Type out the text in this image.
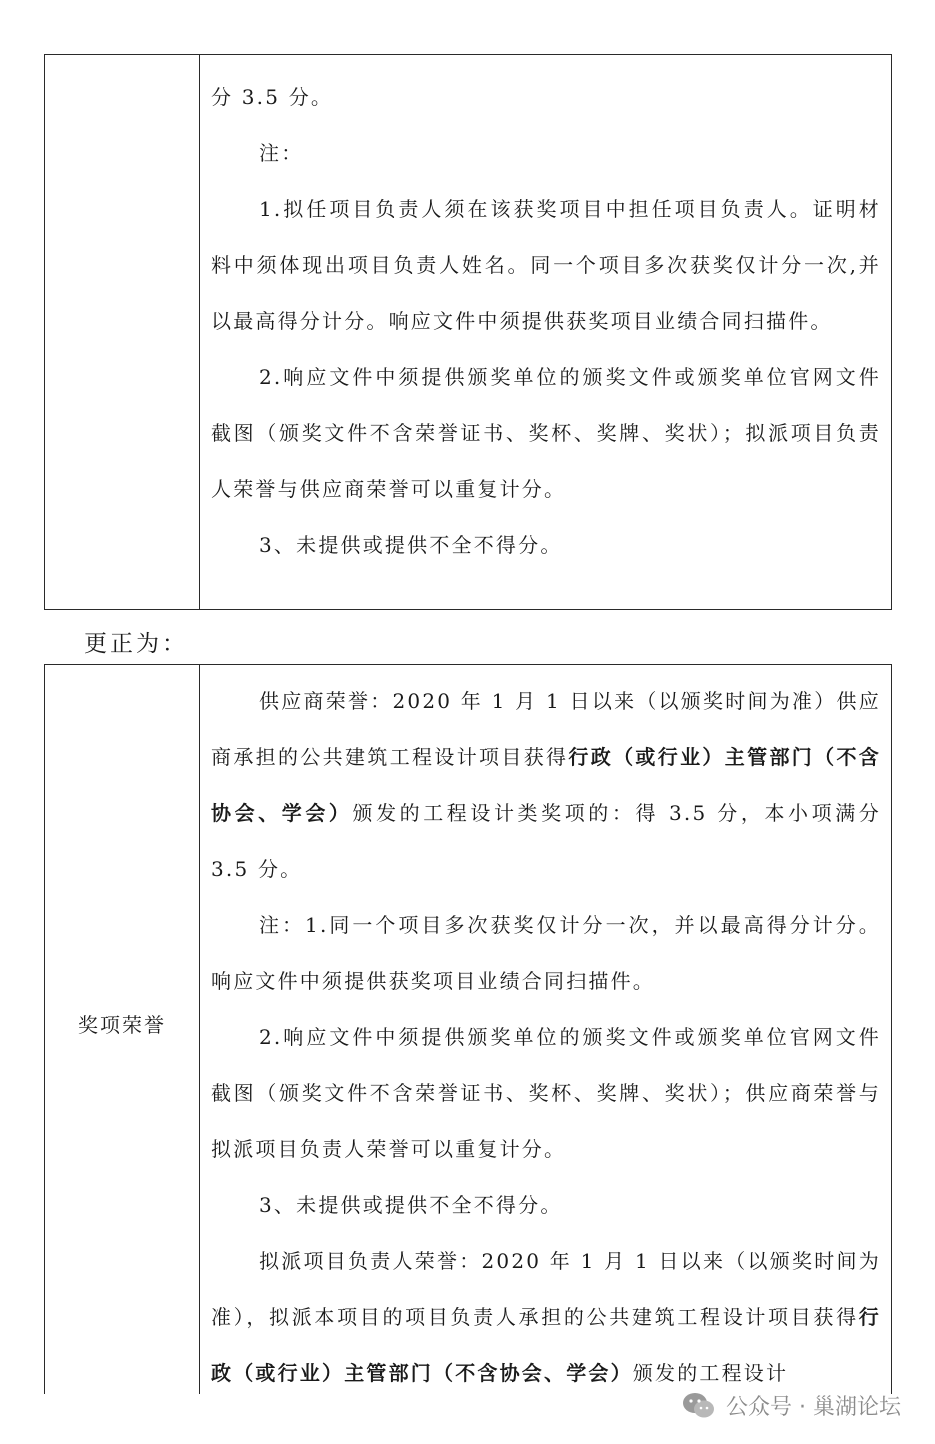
分 3.5 分。

注：

1.拟任项目负责人须在该获奖项目中担任项目负责人。证明材料中须体现出项目负责人姓名。同一个项目多次获奖仅计分一次,并以最高得分计分。响应文件中须提供获奖项目业绩合同扫描件。

2.响应文件中须提供颁奖单位的颁奖文件或颁奖单位官网文件截图（颁奖文件不含荣誉证书、奖杯、奖牌、奖状）；拟派项目负责人荣誉与供应商荣誉可以重复计分。

3、未提供或提供不全不得分。

更正为：
奖项荣誉

供应商荣誉：2020 年 1 月 1 日以来（以颁奖时间为准）供应商承担的公共建筑工程设计项目获得行政（或行业）主管部门（不含协会、学会）颁发的工程设计类奖项的：得 3.5 分，本小项满分 3.5 分。

注：1.同一个项目多次获奖仅计分一次，并以最高得分计分。响应文件中须提供获奖项目业绩合同扫描件。

2.响应文件中须提供颁奖单位的颁奖文件或颁奖单位官网文件截图（颁奖文件不含荣誉证书、奖杯、奖牌、奖状）；供应商荣誉与拟派项目负责人荣誉可以重复计分。

3、未提供或提供不全不得分。

拟派项目负责人荣誉：2020 年 1 月 1 日以来（以颁奖时间为准），拟派本项目的项目负责人承担的公共建筑工程设计项目获得行政（或行业）主管部门（不含协会、学会）颁发的工程设计

公众号 · 巢湖论坛
